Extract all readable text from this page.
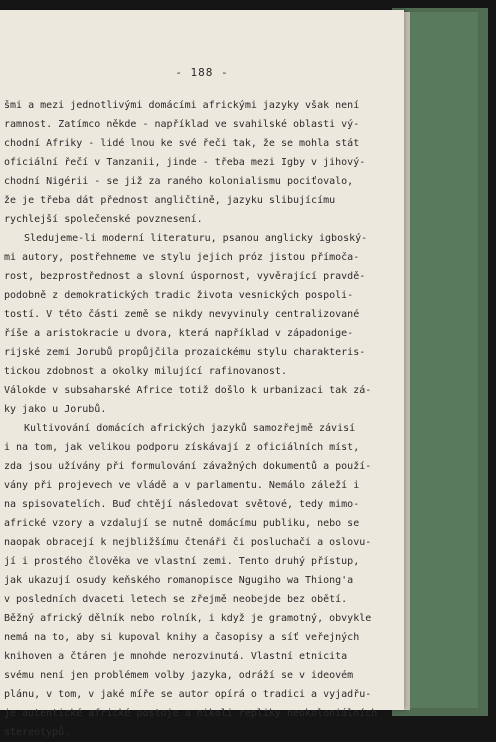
- 188 -
šmi a mezi jednotlivými domácími africkými jazyky však není
ramnost. Zatímco někde - například ve svahilské oblasti vý-
chodní Afriky - lidé lnou ke své řeči tak, že se mohla stát
oficiální řečí v Tanzanii, jinde - třeba mezi Igby v jihový-
chodní Nigérii - se již za raného kolonialismu pociťovalo,
že je třeba dát přednost angličtině, jazyku slibujícímu
rychlejší společenské povznesení.
Sledujeme-li moderní literaturu, psanou anglicky igboský-
mi autory, postřehneme ve stylu jejich próz jistou přímoča-
rost, bezprostřednost a slovní úspornost, vyvěrající pravdě-
podobně z demokratických tradic života vesnických pospoli-
tostí. V této části země se nikdy nevyvinuly centralizované
říše a aristokracie u dvora, která například v západonige-
rijské zemi Jorubů propůjčila prozaickému stylu charakteris-
tickou zdobnost a okolky milující rafinovanost.
Válokde v subsaharské Africe totiž došlo k urbanizaci tak zá-
ky jako u Jorubů.
Kultivování domácích afrických jazyků samozřejmě závisí
i na tom, jak velikou podporu získávají z oficiálních míst,
zda jsou užívány při formulování závažných dokumentů a použí-
vány při projevech ve vládě a v parlamentu. Nemálo záleží i
na spisovatelích. Buď chtějí následovat světové, tedy mimo-
africké vzory a vzdalují se nutně domácímu publiku, nebo se
naopak obracejí k nejbližšímu čtenáři či posluchači a oslovu-
jí i prostého člověka ve vlastní zemi. Tento druhý přístup,
jak ukazují osudy keňského romanopisce Ngugiho wa Thiong'a
v posledních dvaceti letech se zřejmě neobejde bez obětí.
Běžný africký dělník nebo rolník, i když je gramotný, obvykle
nemá na to, aby si kupoval knihy a časopisy a síť veřejných
knihoven a čtáren je mnohde nerozvinutá. Vlastní etnicita
svému není jen problémem volby jazyka, odráží se v ideovém
plánu, v tom, v jaké míře se autor opírá o tradici a vyjadřu-
je autentické africké postoje a nikoli repliky neokoloniálních
stereotypů.
